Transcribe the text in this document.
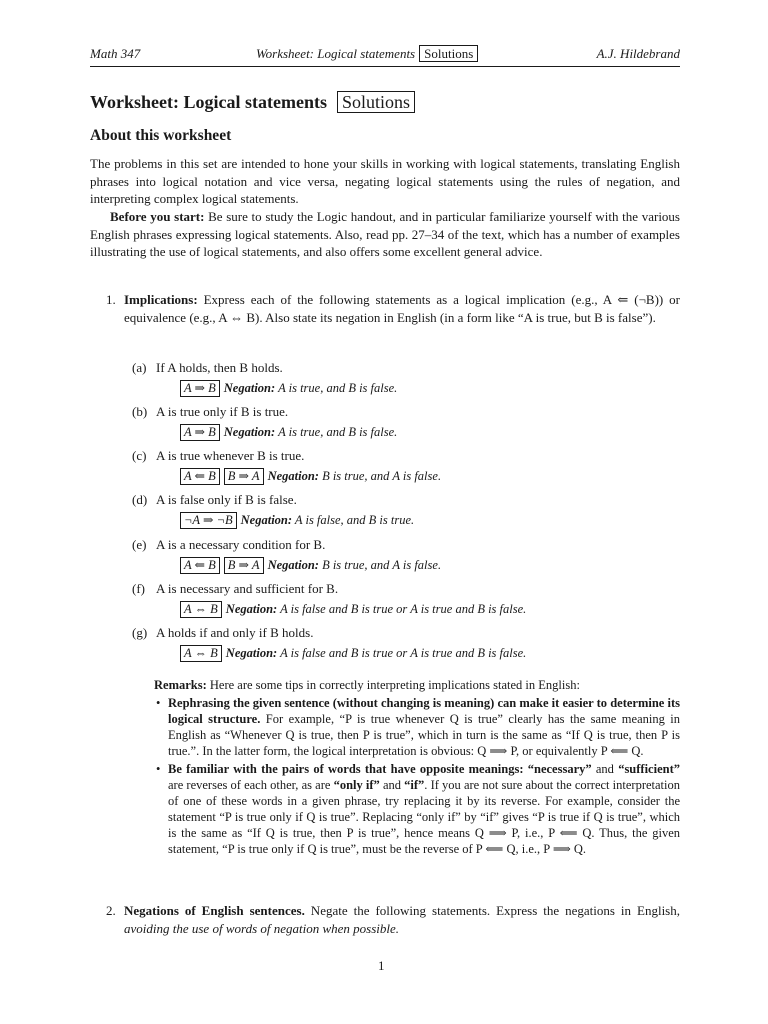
Math 347	Worksheet: Logical statements Solutions	A.J. Hildebrand
Worksheet: Logical statements Solutions
About this worksheet

The problems in this set are intended to hone your skills in working with logical statements, translating English phrases into logical notation and vice versa, negating logical statements using the rules of negation, and interpreting complex logical statements.

Before you start: Be sure to study the Logic handout, and in particular familiarize yourself with the various English phrases expressing logical statements. Also, read pp. 27–34 of the text, which has a number of examples illustrating the use of logical statements, and also offers some excellent general advice.

1. Implications: Express each of the following statements as a logical implication (e.g., A ⇐ (¬B)) or equivalence (e.g., A ⇔ B). Also state its negation in English (in a form like “A is true, but B is false”).
(a) If A holds, then B holds.
A ⇒ B Negation: A is true, and B is false.
(b) A is true only if B is true.
A ⇒ B Negation: A is true, and B is false.
(c) A is true whenever B is true.
A ⇐ B B ⇒ A Negation: B is true, and A is false.
(d) A is false only if B is false.
¬A ⇒ ¬B Negation: A is false, and B is true.
(e) A is a necessary condition for B.
A ⇐ B B ⇒ A Negation: B is true, and A is false.
(f) A is necessary and sufficient for B.
A ⇔ B Negation: A is false and B is true or A is true and B is false.
(g) A holds if and only if B holds.
A ⇔ B Negation: A is false and B is true or A is true and B is false.
Remarks: Here are some tips in correctly interpreting implications stated in English:
• Rephrasing the given sentence (without changing is meaning) can make it easier to determine its logical structure. For example, “P is true whenever Q is true” clearly has the same meaning in English as “Whenever Q is true, then P is true”, which in turn is the same as “If Q is true, then P is true.”. In the latter form, the logical interpretation is obvious: Q ⟹ P, or equivalently P ⟸ Q.
• Be familiar with the pairs of words that have opposite meanings: “necessary” and “sufficient” are reverses of each other, as are “only if” and “if”. If you are not sure about the correct interpretation of one of these words in a given phrase, try replacing it by its reverse. For example, consider the statement “P is true only if Q is true”. Replacing “only if” by “if” gives “P is true if Q is true”, which is the same as “If Q is true, then P is true”, hence means Q ⟹ P, i.e., P ⟸ Q. Thus, the given statement, “P is true only if Q is true”, must be the reverse of P ⟸ Q, i.e., P ⟹ Q.
2. Negations of English sentences. Negate the following statements. Express the negations in English, avoiding the use of words of negation when possible.
1
